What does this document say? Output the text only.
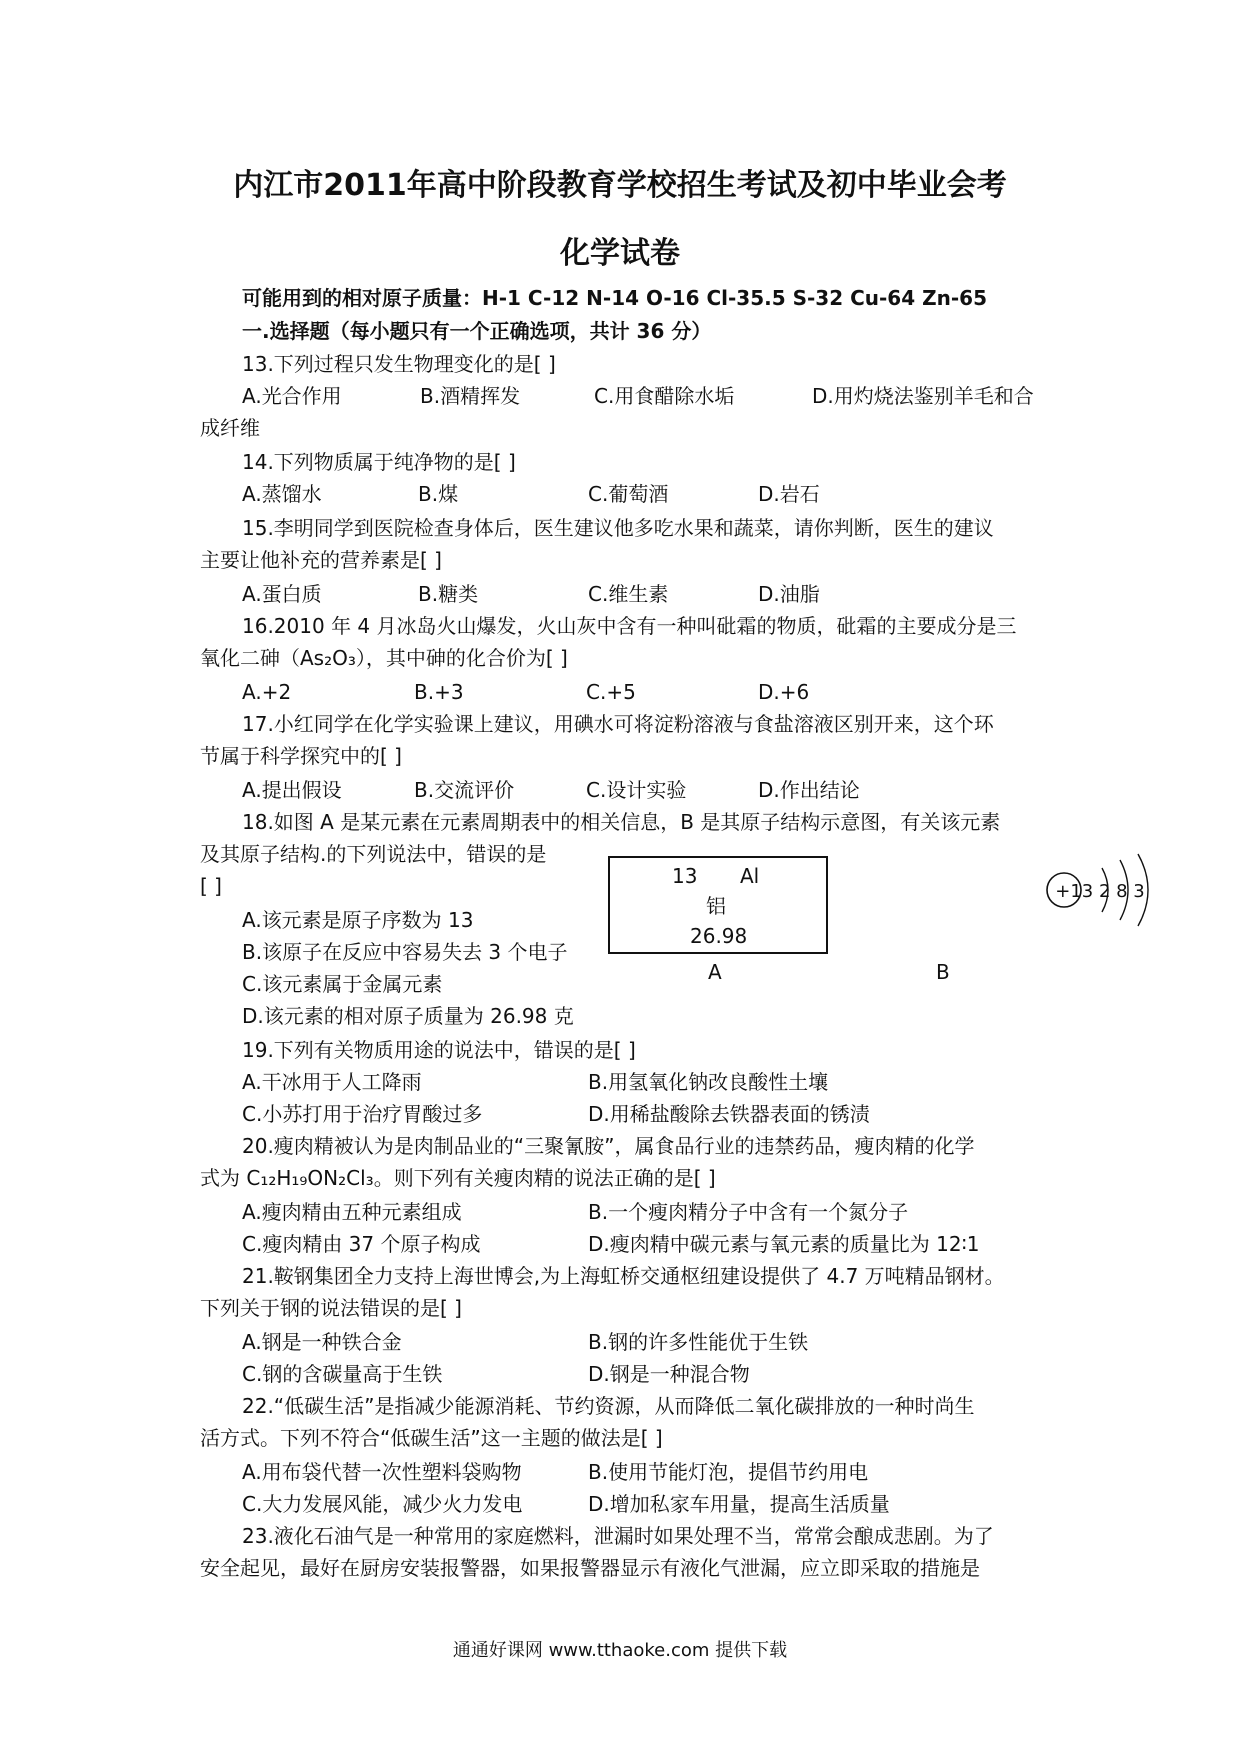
内江市2011年高中阶段教育学校招生考试及初中毕业会考
化学试卷
可能用到的相对原子质量：H-1 C-12 N-14 O-16 Cl-35.5 S-32 Cu-64 Zn-65
一.选择题（每小题只有一个正确选项，共计 36 分）
13.下列过程只发生物理变化的是[ ]
A.光合作用	B.酒精挥发	C.用食醋除水垢	D.用灼烧法鉴别羊毛和合
成纤维
14.下列物质属于纯净物的是[ ]
A.蒸馏水	B.煤	C.葡萄酒	D.岩石
15.李明同学到医院检查身体后，医生建议他多吃水果和蔬菜，请你判断，医生的建议
主要让他补充的营养素是[ ]
A.蛋白质	B.糖类	C.维生素	D.油脂
16.2010 年 4 月冰岛火山爆发，火山灰中含有一种叫砒霜的物质，砒霜的主要成分是三
氧化二砷（As₂O₃），其中砷的化合价为[ ]
A.+2	B.+3	C.+5	D.+6
17.小红同学在化学实验课上建议，用碘水可将淀粉溶液与食盐溶液区别开来，这个环
节属于科学探究中的[ ]
A.提出假设	B.交流评价	C.设计实验	D.作出结论
18.如图 A 是某元素在元素周期表中的相关信息，B 是其原子结构示意图，有关该元素
及其原子结构.的下列说法中，错误的是
[ ]
A.该元素是原子序数为 13
B.该原子在反应中容易失去 3 个电子
C.该元素属于金属元素
D.该元素的相对原子质量为 26.98 克
13 Al
铝
26.98
A	B
+13 2 8 3
19.下列有关物质用途的说法中，错误的是[ ]
A.干冰用于人工降雨	B.用氢氧化钠改良酸性土壤
C.小苏打用于治疗胃酸过多	D.用稀盐酸除去铁器表面的锈渍
20.瘦肉精被认为是肉制品业的“三聚氰胺”，属食品行业的违禁药品，瘦肉精的化学
式为 C₁₂H₁₉ON₂Cl₃。则下列有关瘦肉精的说法正确的是[ ]
A.瘦肉精由五种元素组成	B.一个瘦肉精分子中含有一个氮分子
C.瘦肉精由 37 个原子构成	D.瘦肉精中碳元素与氧元素的质量比为 12∶1
21.鞍钢集团全力支持上海世博会,为上海虹桥交通枢纽建设提供了 4.7 万吨精品钢材。
下列关于钢的说法错误的是[ ]
A.钢是一种铁合金	B.钢的许多性能优于生铁
C.钢的含碳量高于生铁	D.钢是一种混合物
22.“低碳生活”是指减少能源消耗、节约资源，从而降低二氧化碳排放的一种时尚生
活方式。下列不符合“低碳生活”这一主题的做法是[ ]
A.用布袋代替一次性塑料袋购物	B.使用节能灯泡，提倡节约用电
C.大力发展风能，减少火力发电	D.增加私家车用量，提高生活质量
23.液化石油气是一种常用的家庭燃料，泄漏时如果处理不当，常常会酿成悲剧。为了
安全起见，最好在厨房安装报警器，如果报警器显示有液化气泄漏，应立即采取的措施是
通通好课网 www.tthaoke.com 提供下载
